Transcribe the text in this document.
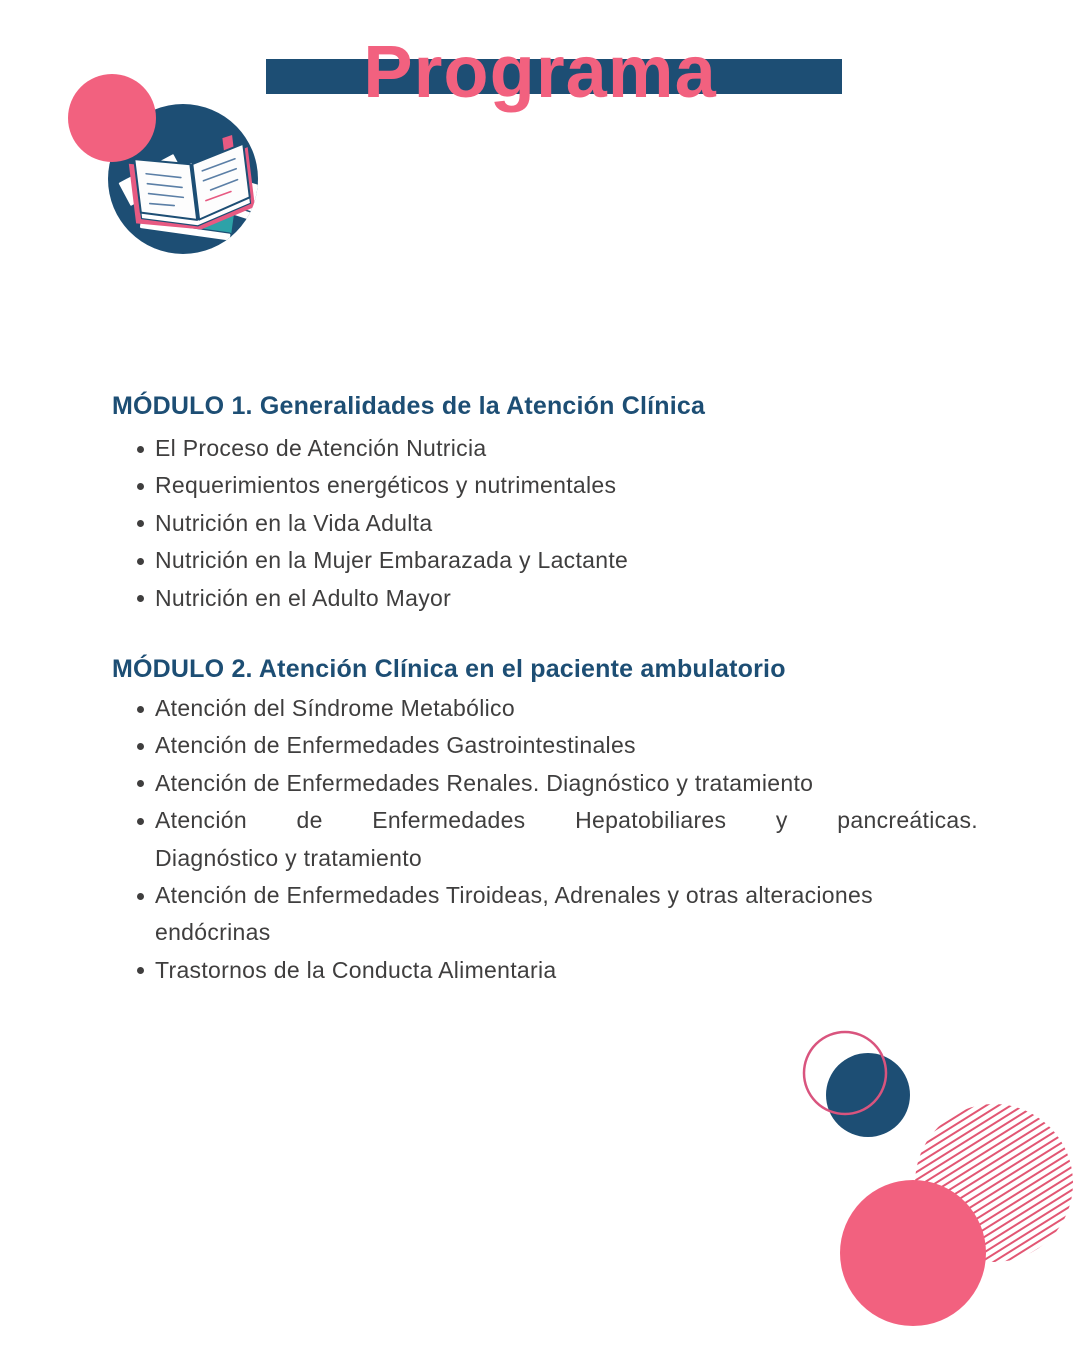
Programa
MÓDULO 1. Generalidades de la Atención Clínica
El Proceso de Atención Nutricia
Requerimientos energéticos y nutrimentales
Nutrición en la Vida Adulta
Nutrición en la Mujer Embarazada y Lactante
Nutrición en el Adulto Mayor
MÓDULO 2. Atención Clínica en el paciente ambulatorio
Atención del Síndrome Metabólico
Atención de Enfermedades Gastrointestinales
Atención de Enfermedades Renales. Diagnóstico y tratamiento
Atención de Enfermedades Hepatobiliares y pancreáticas.
Diagnóstico y tratamiento
Atención de Enfermedades Tiroideas, Adrenales y otras alteraciones endócrinas
Trastornos de la Conducta Alimentaria
